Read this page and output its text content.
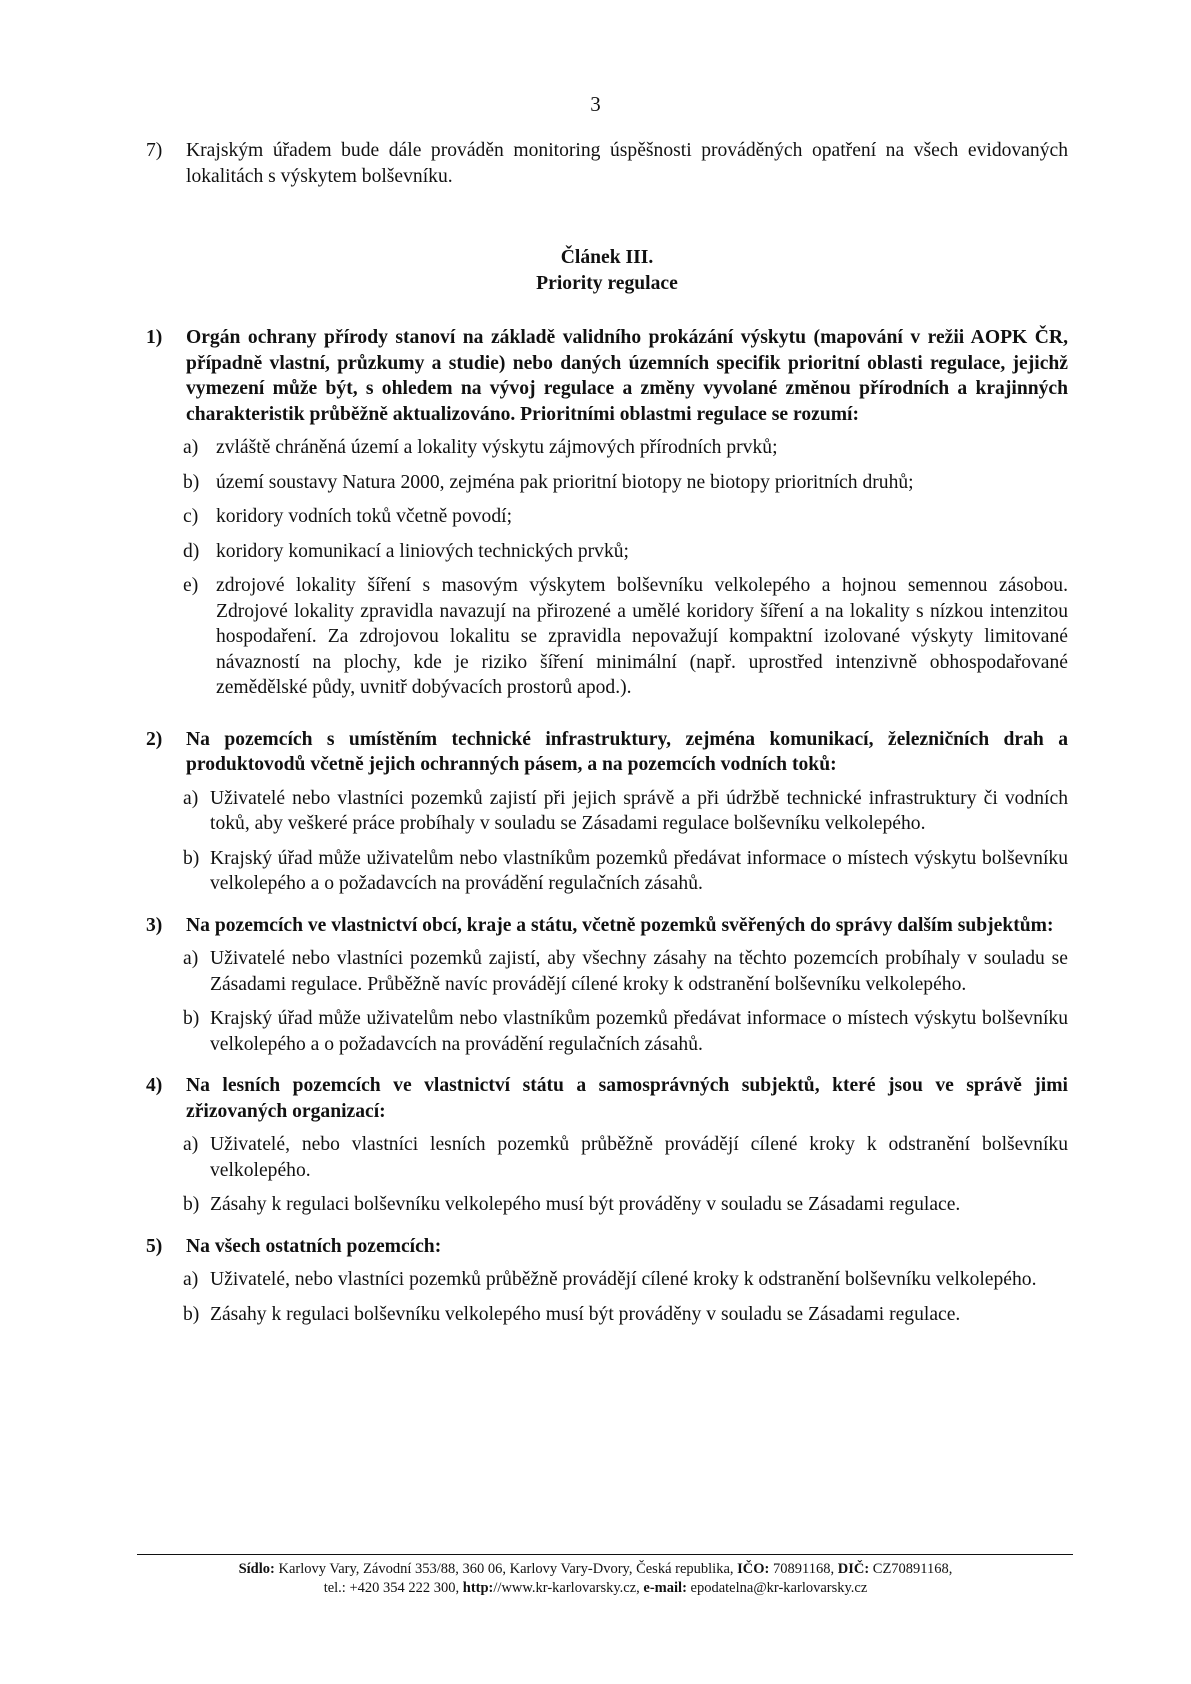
3
7)	Krajským úřadem bude dále prováděn monitoring úspěšnosti prováděných opatření na všech evidovaných lokalitách s výskytem bolševníku.
Článek III.
Priority regulace
1)	Orgán ochrany přírody stanoví na základě validního prokázání výskytu (mapování v režii AOPK ČR, případně vlastní, průzkumy a studie) nebo daných územních specifik prioritní oblasti regulace, jejichž vymezení může být, s ohledem na vývoj regulace a změny vyvolané změnou přírodních a krajinných charakteristik průběžně aktualizováno. Prioritními oblastmi regulace se rozumí:
a) zvláště chráněná území a lokality výskytu zájmových přírodních prvků;
b) území soustavy Natura 2000, zejména pak prioritní biotopy ne biotopy prioritních druhů;
c) koridory vodních toků včetně povodí;
d) koridory komunikací a liniových technických prvků;
e) zdrojové lokality šíření s masovým výskytem bolševníku velkolepého a hojnou semennou zásobou. Zdrojové lokality zpravidla navazují na přirozené a umělé koridory šíření a na lokality s nízkou intenzitou hospodaření. Za zdrojovou lokalitu se zpravidla nepovažují kompaktní izolované výskyty limitované návazností na plochy, kde je riziko šíření minimální (např. uprostřed intenzivně obhospodařované zemědělské půdy, uvnitř dobývacích prostorů apod.).
2)	Na pozemcích s umístěním technické infrastruktury, zejména komunikací, železničních drah a produktovodů včetně jejich ochranných pásem, a na pozemcích vodních toků:
a) Uživatelé nebo vlastníci pozemků zajistí při jejich správě a při údržbě technické infrastruktury či vodních toků, aby veškeré práce probíhaly v souladu se Zásadami regulace bolševníku velkolepého.
b) Krajský úřad může uživatelům nebo vlastníkům pozemků předávat informace o místech výskytu bolševníku velkolepého a o požadavcích na provádění regulačních zásahů.
3)	Na pozemcích ve vlastnictví obcí, kraje a státu, včetně pozemků svěřených do správy dalším subjektům:
a) Uživatelé nebo vlastníci pozemků zajistí, aby všechny zásahy na těchto pozemcích probíhaly v souladu se Zásadami regulace. Průběžně navíc provádějí cílené kroky k odstranění bolševníku velkolepého.
b) Krajský úřad může uživatelům nebo vlastníkům pozemků předávat informace o místech výskytu bolševníku velkolepého a o požadavcích na provádění regulačních zásahů.
4)	Na lesních pozemcích ve vlastnictví státu a samosprávných subjektů, které jsou ve správě jimi zřizovaných organizací:
a) Uživatelé, nebo vlastníci lesních pozemků průběžně provádějí cílené kroky k odstranění bolševníku velkolepého.
b) Zásahy k regulaci bolševníku velkolepého musí být prováděny v souladu se Zásadami regulace.
5)	Na všech ostatních pozemcích:
a) Uživatelé, nebo vlastníci pozemků průběžně provádějí cílené kroky k odstranění bolševníku velkolepého.
b) Zásahy k regulaci bolševníku velkolepého musí být prováděny v souladu se Zásadami regulace.
Sídlo: Karlovy Vary, Závodní 353/88, 360 06, Karlovy Vary-Dvory, Česká republika, IČO: 70891168, DIČ: CZ70891168,
tel.: +420 354 222 300, http://www.kr-karlovarsky.cz, e-mail: epodatelna@kr-karlovarsky.cz
